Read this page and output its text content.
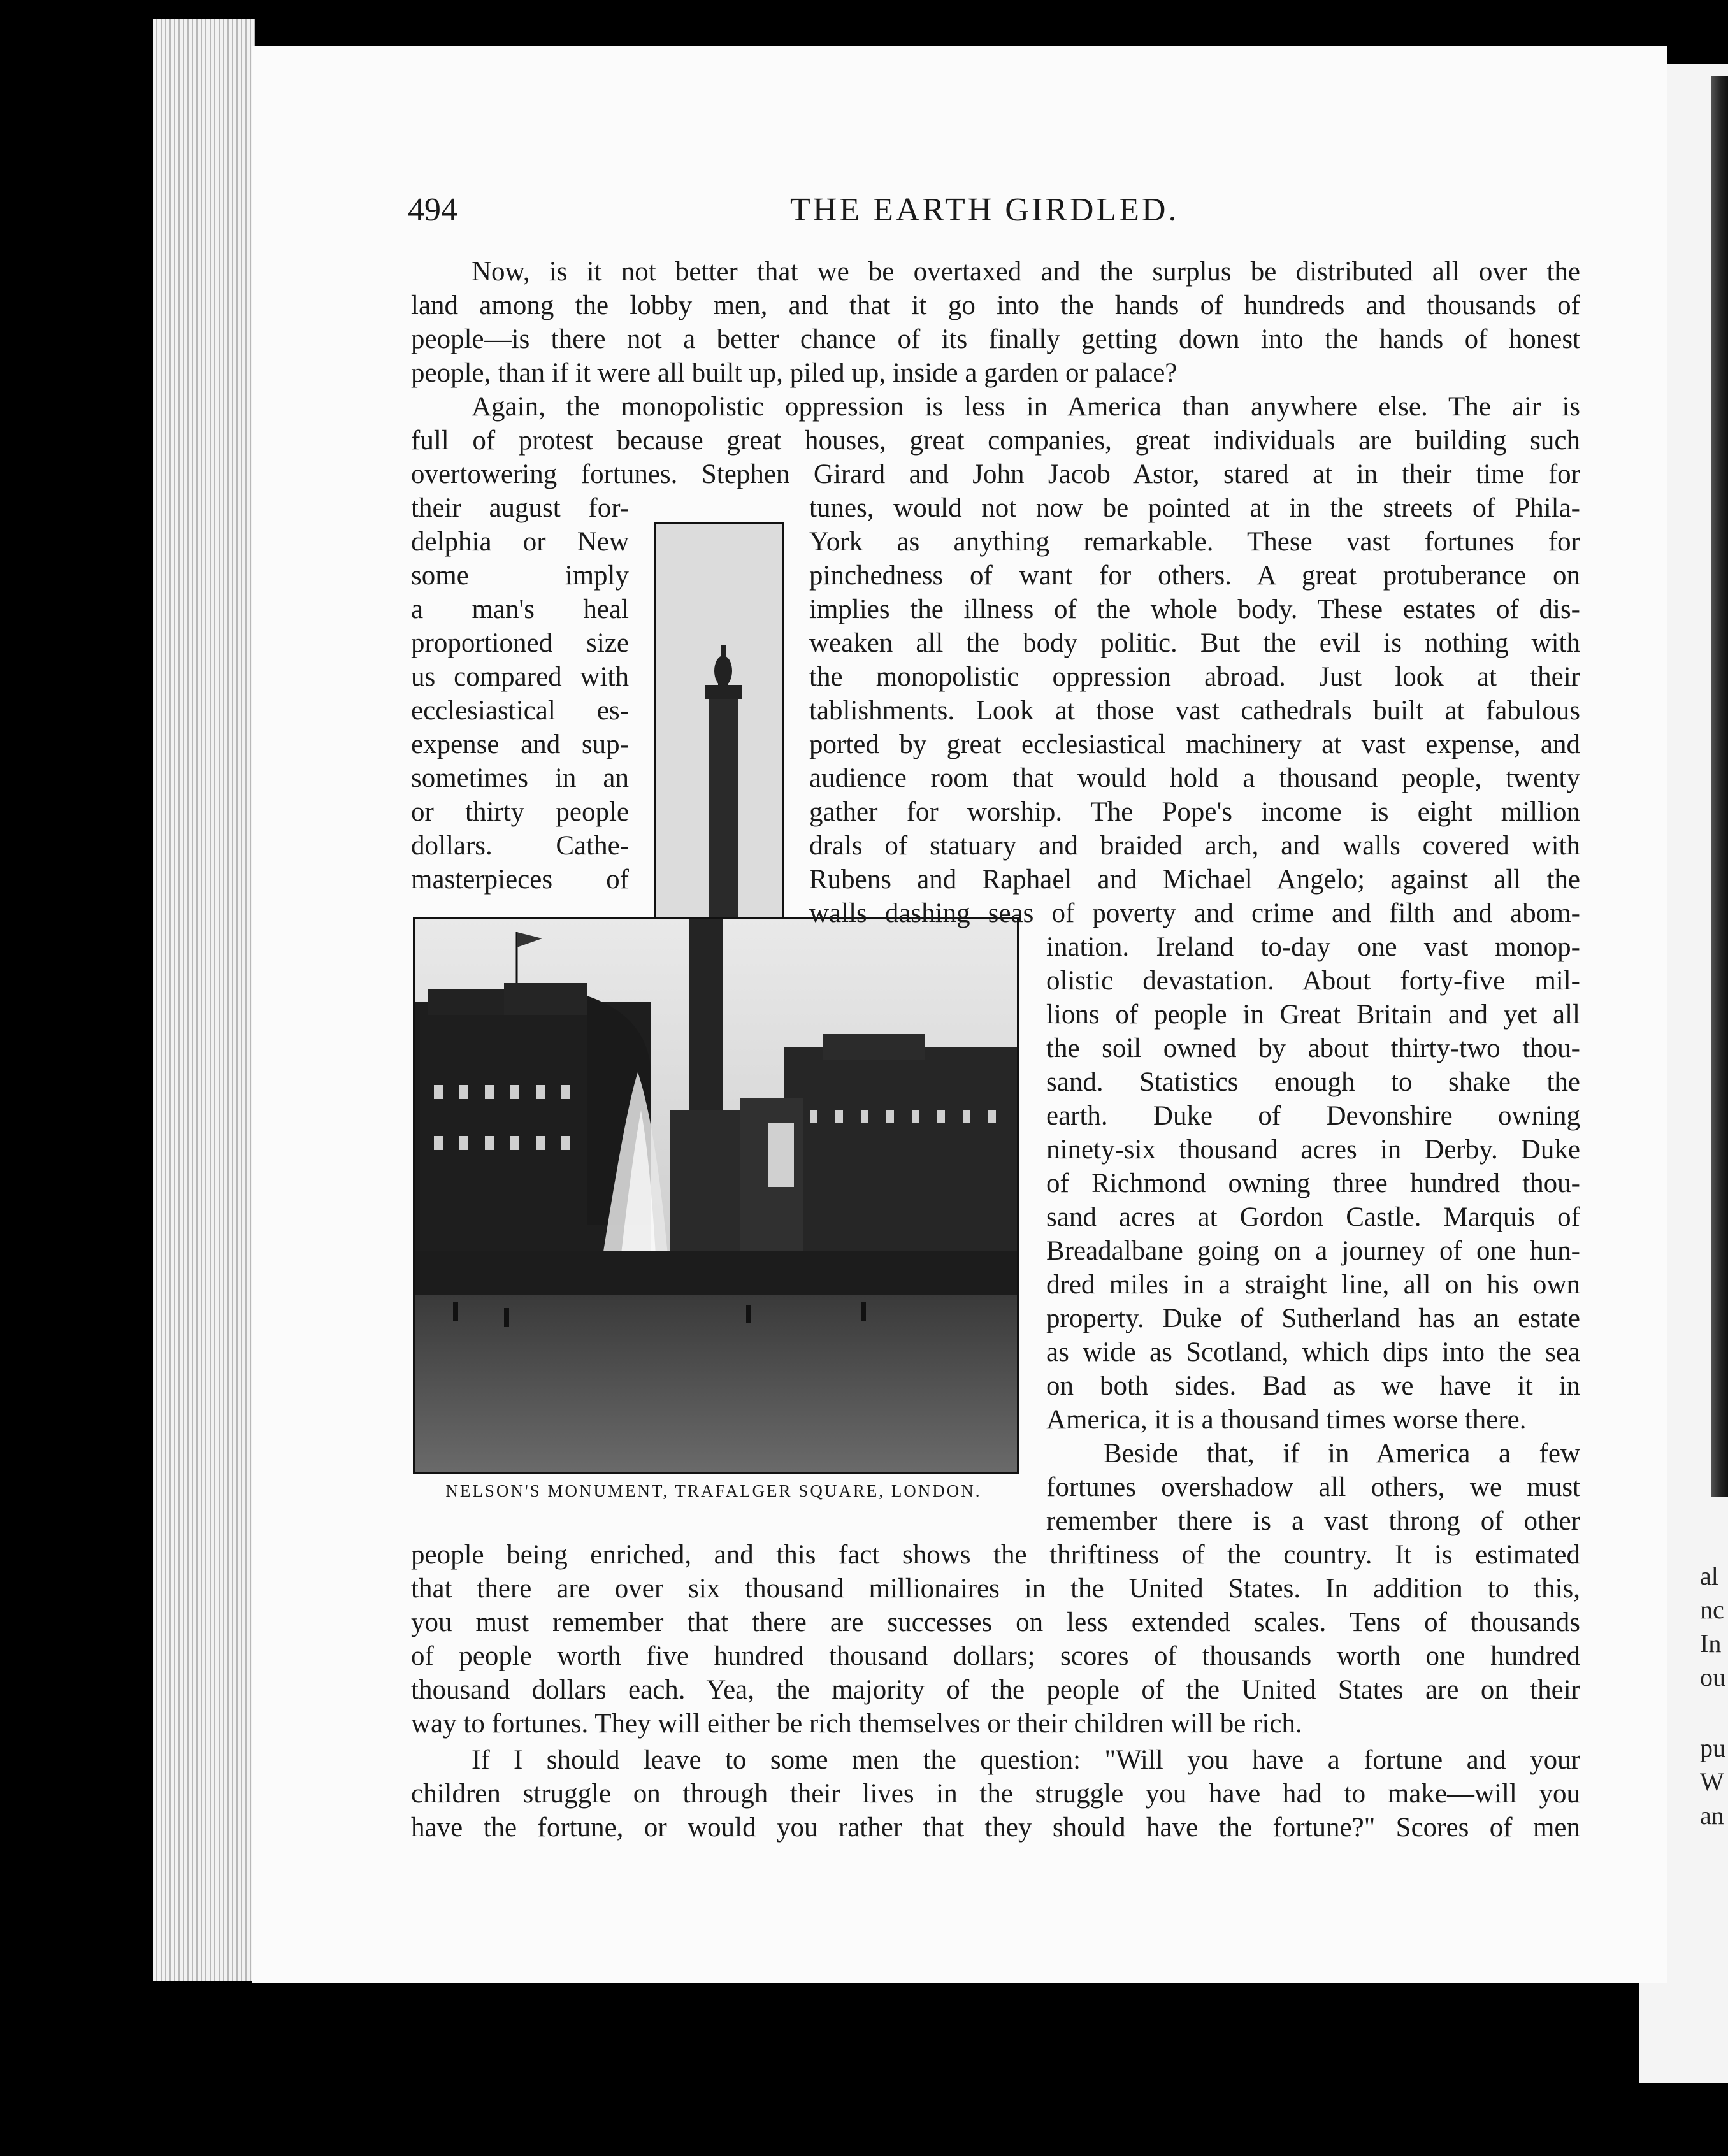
494	THE EARTH GIRDLED.
NELSON'S MONUMENT, TRAFALGER SQUARE, LONDON.
Now, is it not better that we be overtaxed and the surplus be distributed all over the
land among the lobby men, and that it go into the hands of hundreds and thousands of
people—is there not a better chance of its finally getting down into the hands of honest
people, than if it were all built up, piled up, inside a garden or palace?
Again, the monopolistic oppression is less in America than anywhere else. The air is
full of protest because great houses, great companies, great individuals are building such
overtowering fortunes. Stephen Girard and John Jacob Astor, stared at in their time for
their august for-
delphia or New
some imply
a man's heal
proportioned size
us compared with
ecclesiastical es-
expense and sup-
sometimes in an
or thirty people
dollars. Cathe-
masterpieces of
tunes, would not now be pointed at in the streets of Phila-
York as anything remarkable. These vast fortunes for
pinchedness of want for others. A great protuberance on
implies the illness of the whole body. These estates of dis-
weaken all the body politic. But the evil is nothing with
the monopolistic oppression abroad. Just look at their
tablishments. Look at those vast cathedrals built at fabulous
ported by great ecclesiastical machinery at vast expense, and
audience room that would hold a thousand people, twenty
gather for worship. The Pope's income is eight million
drals of statuary and braided arch, and walls covered with
Rubens and Raphael and Michael Angelo; against all the
walls dashing seas of poverty and crime and filth and abom-
ination. Ireland to-day one vast monop-
olistic devastation. About forty-five mil-
lions of people in Great Britain and yet all
the soil owned by about thirty-two thou-
sand. Statistics enough to shake the
earth. Duke of Devonshire owning
ninety-six thousand acres in Derby. Duke
of Richmond owning three hundred thou-
sand acres at Gordon Castle. Marquis of
Breadalbane going on a journey of one hun-
dred miles in a straight line, all on his own
property. Duke of Sutherland has an estate
as wide as Scotland, which dips into the sea
on both sides. Bad as we have it in
America, it is a thousand times worse there.
Beside that, if in America a few
fortunes overshadow all others, we must
remember there is a vast throng of other
people being enriched, and this fact shows the thriftiness of the country. It is estimated
that there are over six thousand millionaires in the United States. In addition to this,
you must remember that there are successes on less extended scales. Tens of thousands
of people worth five hundred thousand dollars; scores of thousands worth one hundred
thousand dollars each. Yea, the majority of the people of the United States are on their
way to fortunes. They will either be rich themselves or their children will be rich.
If I should leave to some men the question: "Will you have a fortune and your
children struggle on through their lives in the struggle you have had to make—will you
have the fortune, or would you rather that they should have the fortune?" Scores of men
al
nc
In
ou
pu
W
an
